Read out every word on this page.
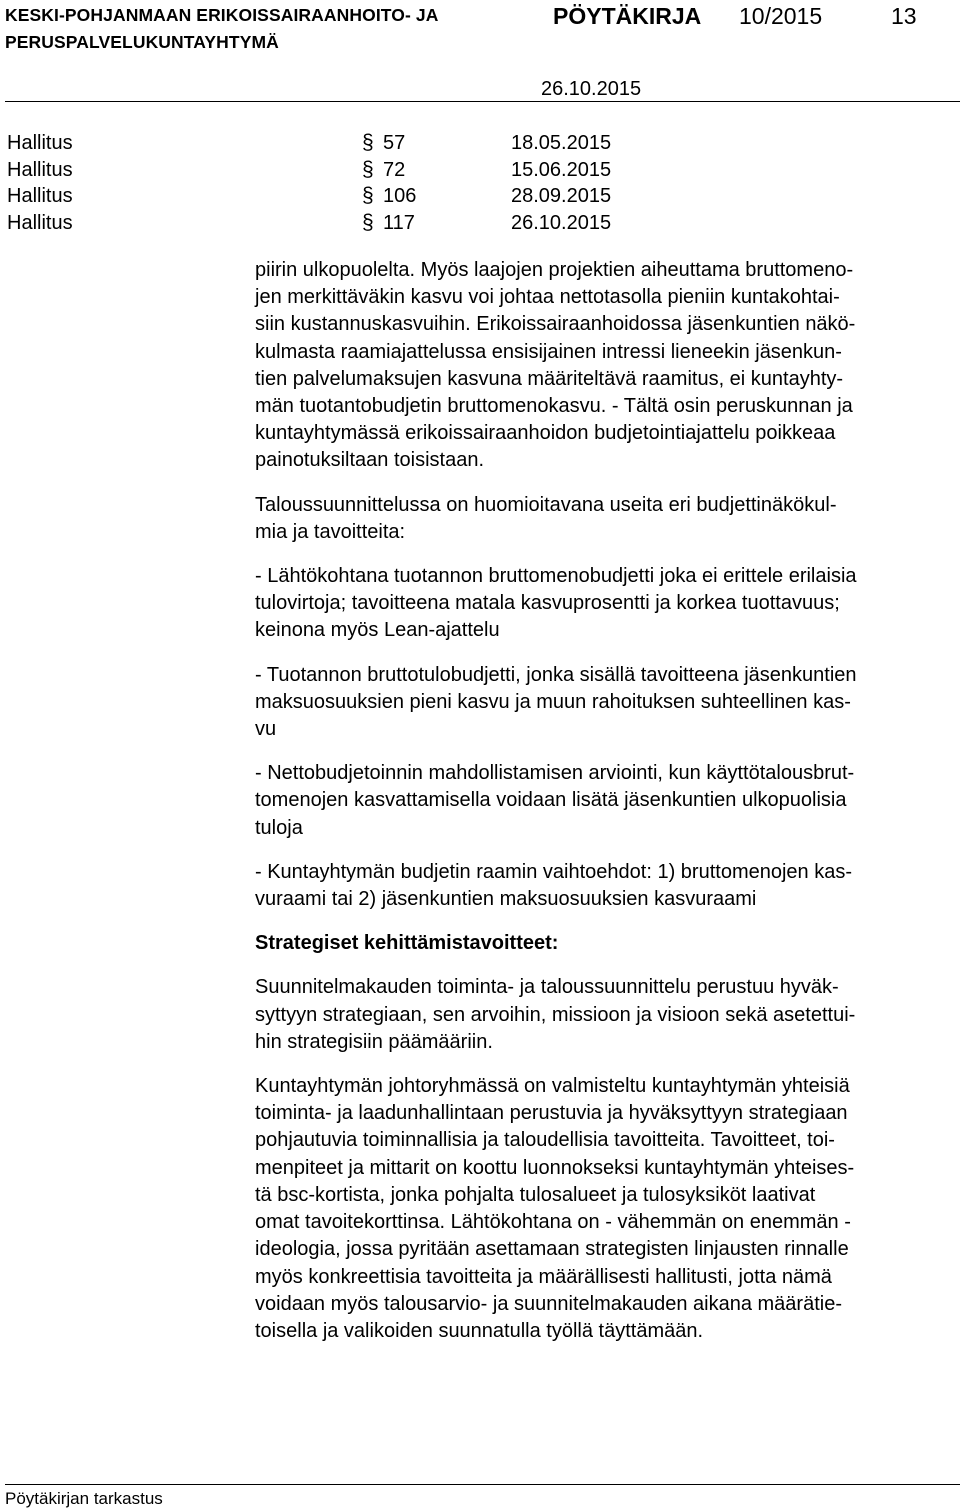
KESKI-POHJANMAAN ERIKOISSAIRAANHOITO- JA
PERUSPALVELUKUNTAYHTYMÄ
PÖYTÄKIRJA 10/2015	13
26.10.2015
Hallitus	§ 57	18.05.2015
Hallitus	§ 72	15.06.2015
Hallitus	§ 106	28.09.2015
Hallitus	§ 117	26.10.2015

piirin ulkopuolelta. Myös laajojen projektien aiheuttama bruttomeno-
jen merkittäväkin kasvu voi johtaa nettotasolla pieniin kuntakohtai-
siin kustannuskasvuihin. Erikoissairaanhoidossa jäsenkuntien näkö-
kulmasta raamiajattelussa ensisijainen intressi lieneekin jäsenkun-
tien palvelumaksujen kasvuna määriteltävä raamitus, ei kuntayhty-
män tuotantobudjetin bruttomenokasvu. - Tältä osin peruskunnan ja
kuntayhtymässä erikoissairaanhoidon budjetointiajattelu poikkeaa
painotuksiltaan toisistaan.

Taloussuunnittelussa on huomioitavana useita eri budjettinäkökul-
mia ja tavoitteita:

- Lähtökohtana tuotannon bruttomenobudjetti joka ei erittele erilaisia
tulovirtoja; tavoitteena matala kasvuprosentti ja korkea tuottavuus;
keinona myös Lean-ajattelu

- Tuotannon bruttotulobudjetti, jonka sisällä tavoitteena jäsenkuntien
maksuosuuksien pieni kasvu ja muun rahoituksen suhteellinen kas-
vu

- Nettobudjetoinnin mahdollistamisen arviointi, kun käyttötalousbrut-
tomenojen kasvattamisella voidaan lisätä jäsenkuntien ulkopuolisia
tuloja

- Kuntayhtymän budjetin raamin vaihtoehdot: 1) bruttomenojen kas-
vuraami tai 2) jäsenkuntien maksuosuuksien kasvuraami

Strategiset kehittämistavoitteet:

Suunnitelmakauden toiminta- ja taloussuunnittelu perustuu hyväk-
syttyyn strategiaan, sen arvoihin, missioon ja visioon sekä asetettui-
hin strategisiin päämääriin.

Kuntayhtymän johtoryhmässä on valmisteltu kuntayhtymän yhteisiä
toiminta- ja laadunhallintaan perustuvia ja hyväksyttyyn strategiaan
pohjautuvia toiminnallisia ja taloudellisia tavoitteita. Tavoitteet, toi-
menpiteet ja mittarit on koottu luonnokseksi kuntayhtymän yhteises-
tä bsc-kortista, jonka pohjalta tulosalueet ja tulosyksiköt laativat
omat tavoitekorttinsa. Lähtökohtana on - vähemmän on enemmän -
ideologia, jossa pyritään asettamaan strategisten linjausten rinnalle
myös konkreettisia tavoitteita ja määrällisesti hallitusti, jotta nämä
voidaan myös talousarvio- ja suunnitelmakauden aikana määrätie-
toisella ja valikoiden suunnatulla työllä täyttämään.

Pöytäkirjan tarkastus
